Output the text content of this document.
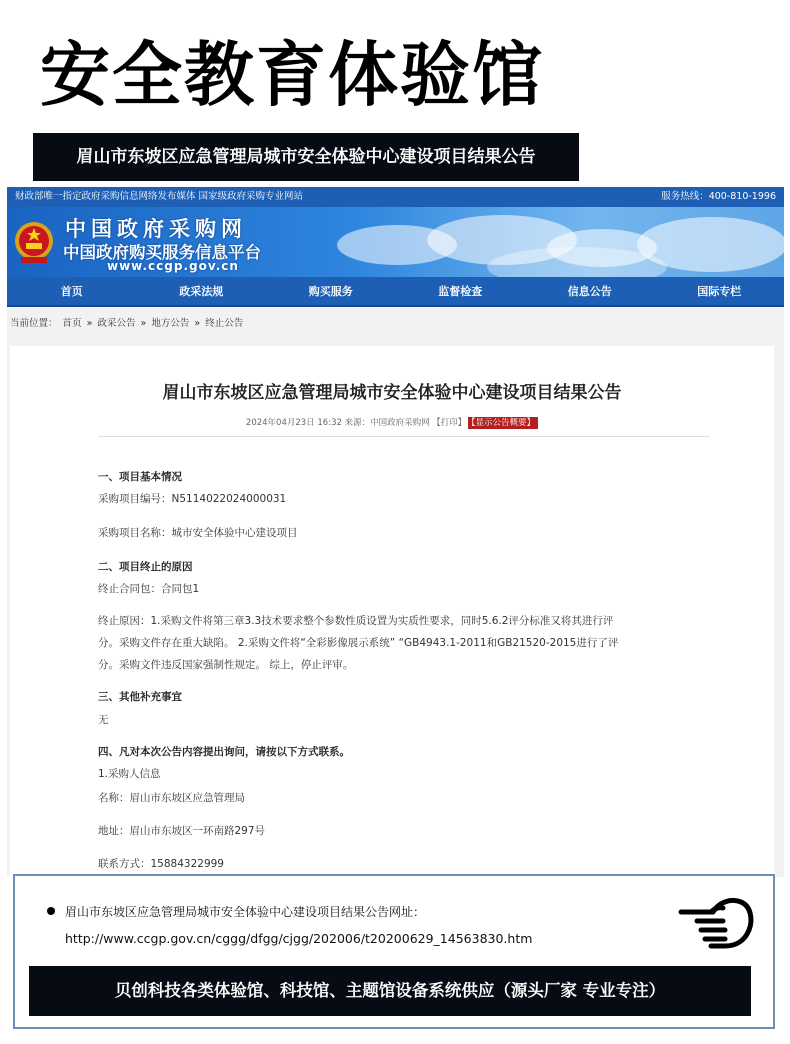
安全教育体验馆
眉山市东坡区应急管理局城市安全体验中心建设项目结果公告
财政部唯一指定政府采购信息网络发布媒体 国家级政府采购专业网站	服务热线：400-810-1996
中国政府采购网
中国政府购买服务信息平台
www.ccgp.gov.cn
首页	政采法规	购买服务	监督检查	信息公告	国际专栏
当前位置： 首页 » 政采公告 » 地方公告 » 终止公告
眉山市东坡区应急管理局城市安全体验中心建设项目结果公告
2024年04月23日 16:32 来源：中国政府采购网 【打印】 【显示公告概要】
一、项目基本情况
采购项目编号：N5114022024000031
采购项目名称：城市安全体验中心建设项目
二、项目终止的原因
终止合同包：合同包1
终止原因：1.采购文件将第三章3.3技术要求整个参数性质设置为实质性要求，同时5.6.2评分标准又将其进行评
分。采购文件存在重大缺陷。 2.采购文件将“全彩影像展示系统” “GB4943.1-2011和GB21520-2015进行了评
分。采购文件违反国家强制性规定。 综上，停止评审。
三、其他补充事宜
无
四、凡对本次公告内容提出询问，请按以下方式联系。
1.采购人信息
名称：眉山市东坡区应急管理局
地址：眉山市东坡区一环南路297号
联系方式：15884322999
眉山市东坡区应急管理局城市安全体验中心建设项目结果公告网址：
http://www.ccgp.gov.cn/cggg/dfgg/cjgg/202006/t20200629_14563830.htm
贝创科技各类体验馆、科技馆、主题馆设备系统供应（源头厂家 专业专注）
